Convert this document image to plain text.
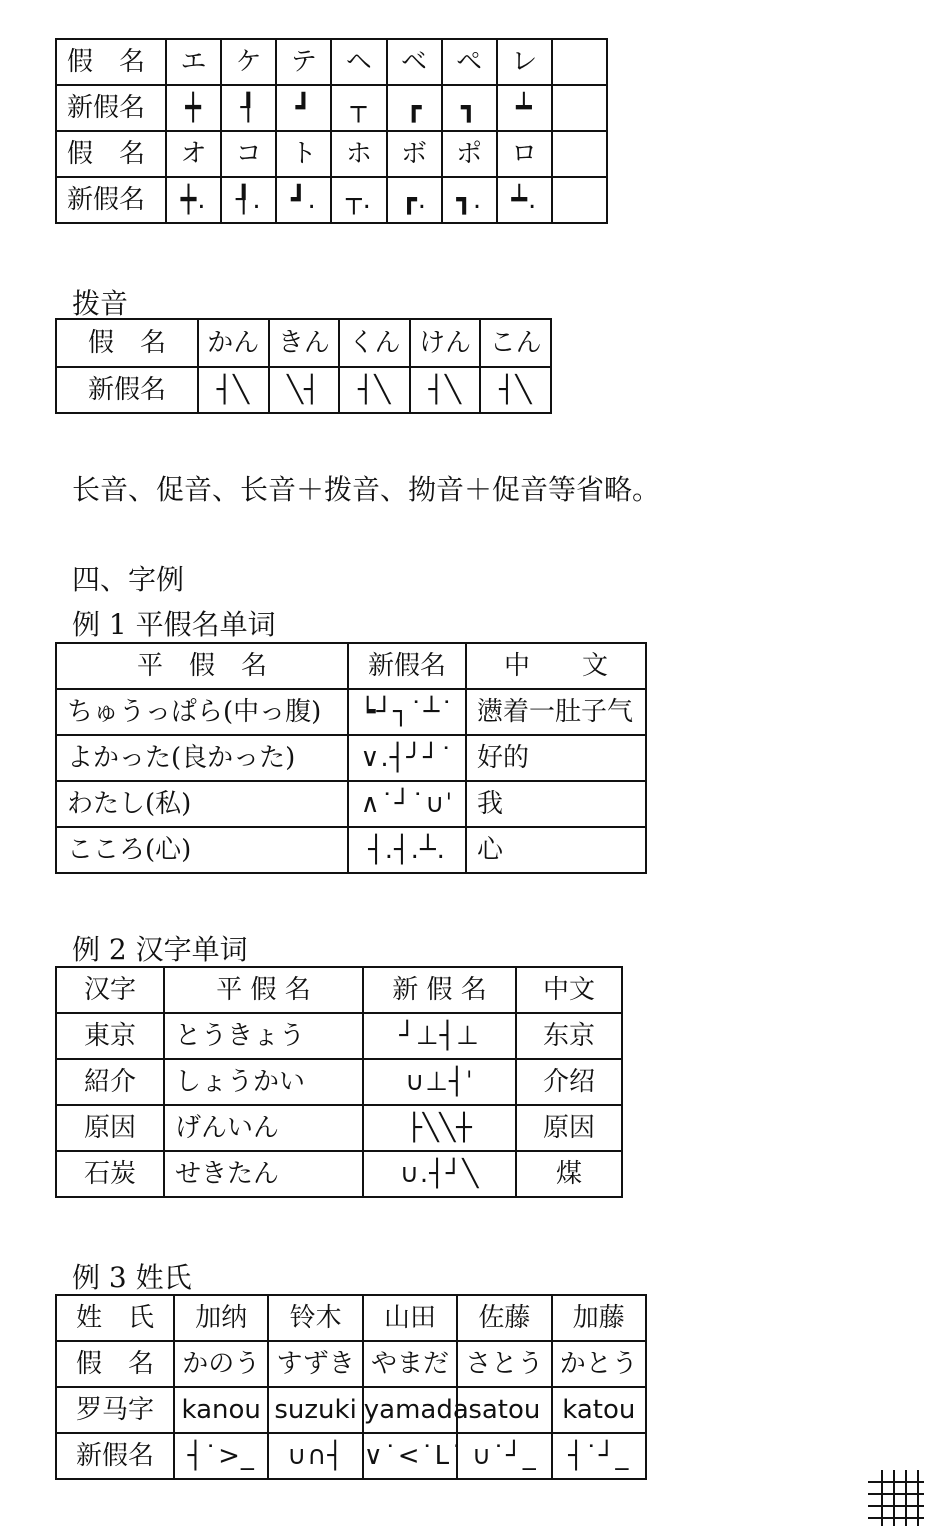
假　名	エ	ケ	テ	ヘ	ベ	ペ	レ	
新假名	┿	┦	┛	┬	┏	┓	┷	
假　名	オ	コ	ト	ホ	ボ	ポ	ロ	
新假名	┿.	┦.	┛.	┬.	┏.	┓.	┷.	
拨音
假　名	かん	きん	くん	けん	こん
新假名	┤╲	╲┤	┤╲	┤╲	┤╲
长音、促音、长音＋拨音、拗音＋促音等省略。
四、字例
例 1 平假名单词
平　假　名	新假名	中　　文
ちゅうっぱら(中っ腹)	┕┘┐˙┴˙	懑着一肚子气
よかった(良かった)	∨.┤╯┘˙	好的
わたし(私)	∧˙┘˙∪ˈ	我
こころ(心)	┤.┤.┴.	心
例 2 汉字单词
汉字	平 假 名	新 假 名	中文
東京	とうきょう	┘⊥┤⊥	东京
紹介	しょうかい	∪⊥┤ˈ	介绍
原因	げんいん	├╲╲┼	原因
石炭	せきたん	∪.┤┘╲	煤
例 3 姓氏
姓　氏	加纳	铃木	山田	佐藤	加藤
假　名	かのう	すずき	やまだ	さとう	かとう
罗马字	kanou	suzuki	yamada	satou	katou
新假名	┤˙>_	∪∩┤	∨˙<˙L˙	∪˙┘_	┤˙┘_
